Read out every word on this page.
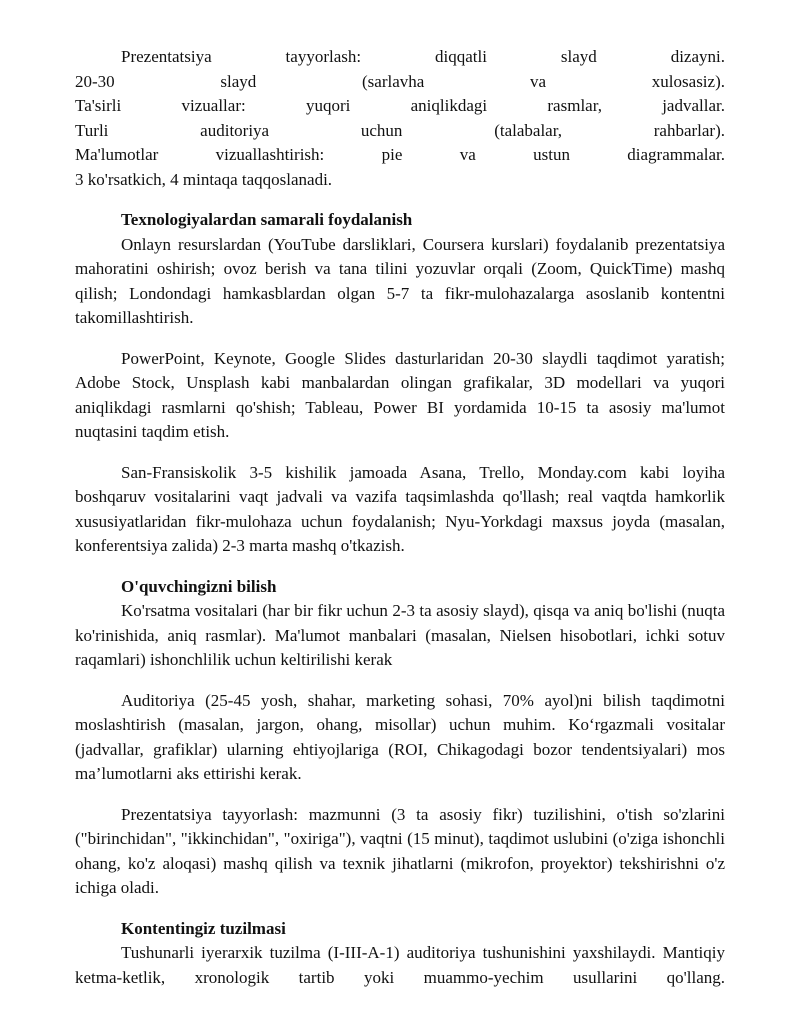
Prezentatsiya tayyorlash: diqqatli slayd dizayni.
20-30 slayd (sarlavha va xulosasiz).
Ta'sirli vizuallar: yuqori aniqlikdagi rasmlar, jadvallar.
Turli auditoriya uchun (talabalar, rahbarlar).
Ma'lumotlar vizuallashtirish: pie va ustun diagrammalar.
3 ko'rsatkich, 4 mintaqa taqqoslanadi.
Texnologiyalardan samarali foydalanish

Onlayn resurslardan (YouTube darsliklari, Coursera kurslari) foydalanib prezentatsiya mahoratini oshirish; ovoz berish va tana tilini yozuvlar orqali (Zoom, QuickTime) mashq qilish; Londondagi hamkasblardan olgan 5-7 ta fikr-mulohazalarga asoslanib kontentni takomillashtirish.

PowerPoint, Keynote, Google Slides dasturlaridan 20-30 slaydli taqdimot yaratish; Adobe Stock, Unsplash kabi manbalardan olingan grafikalar, 3D modellari va yuqori aniqlikdagi rasmlarni qo'shish; Tableau, Power BI yordamida 10-15 ta asosiy ma'lumot nuqtasini taqdim etish.

San-Fransiskolik 3-5 kishilik jamoada Asana, Trello, Monday.com kabi loyiha boshqaruv vositalarini vaqt jadvali va vazifa taqsimlashda qo'llash; real vaqtda hamkorlik xususiyatlaridan fikr-mulohaza uchun foydalanish; Nyu-Yorkdagi maxsus joyda (masalan, konferentsiya zalida) 2-3 marta mashq o'tkazish.

O'quvchingizni bilish

Ko'rsatma vositalari (har bir fikr uchun 2-3 ta asosiy slayd), qisqa va aniq bo'lishi (nuqta ko'rinishida, aniq rasmlar). Ma'lumot manbalari (masalan, Nielsen hisobotlari, ichki sotuv raqamlari) ishonchlilik uchun keltirilishi kerak

Auditoriya (25-45 yosh, shahar, marketing sohasi, 70% ayol)ni bilish taqdimotni moslashtirish (masalan, jargon, ohang, misollar) uchun muhim. Ko‘rgazmali vositalar (jadvallar, grafiklar) ularning ehtiyojlariga (ROI, Chikagodagi bozor tendentsiyalari) mos ma’lumotlarni aks ettirishi kerak.

Prezentatsiya tayyorlash: mazmunni (3 ta asosiy fikr) tuzilishini, o'tish so'zlarini ("birinchidan", "ikkinchidan", "oxiriga"), vaqtni (15 minut), taqdimot uslubini (o'ziga ishonchli ohang, ko'z aloqasi) mashq qilish va texnik jihatlarni (mikrofon, proyektor) tekshirishni o'z ichiga oladi.

Kontentingiz tuzilmasi

Tushunarli iyerarxik tuzilma (I-III-A-1) auditoriya tushunishini yaxshilaydi. Mantiqiy ketma-ketlik, xronologik tartib yoki muammo-yechim usullarini qo'llang.
